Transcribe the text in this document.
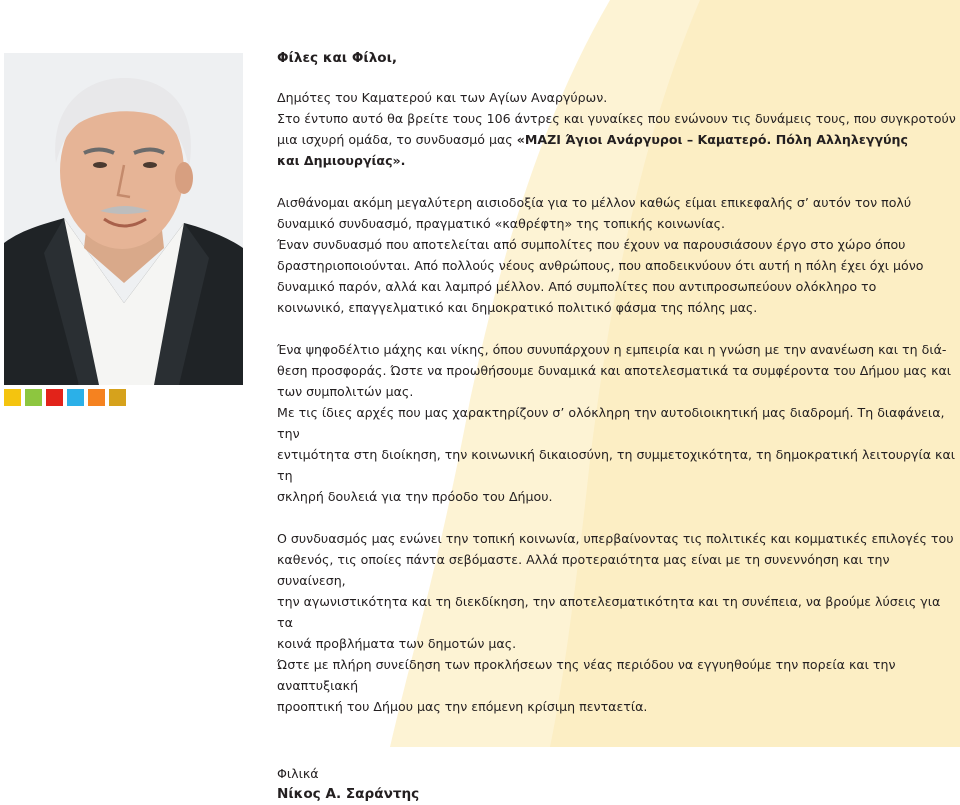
Φίλες και Φίλοι,

Δημότες του Καματερού και των Αγίων Αναργύρων.
Στο έντυπο αυτό θα βρείτε τους 106 άντρες και γυναίκες που ενώνουν τις δυνάμεις τους, που συγκροτούν
μια ισχυρή ομάδα, το συνδυασμό μας «ΜΑΖΙ Άγιοι Ανάργυροι – Καματερό. Πόλη Αλληλεγγύης
και Δημιουργίας».

Αισθάνομαι ακόμη μεγαλύτερη αισιοδοξία για το μέλλον καθώς είμαι επικεφαλής σ’ αυτόν τον πολύ
δυναμικό συνδυασμό, πραγματικό «καθρέφτη» της τοπικής κοινωνίας.

Έναν συνδυασμό που αποτελείται από συμπολίτες που έχουν να παρουσιάσουν έργο στο χώρο όπου
δραστηριοποιούνται. Από πολλούς νέους ανθρώπους, που αποδεικνύουν ότι αυτή η πόλη έχει όχι μόνο
δυναμικό παρόν, αλλά και λαμπρό μέλλον. Από συμπολίτες που αντιπροσωπεύουν ολόκληρο το
κοινωνικό, επαγγελματικό και δημοκρατικό πολιτικό φάσμα της πόλης μας.

Ένα ψηφοδέλτιο μάχης και νίκης, όπου συνυπάρχουν η εμπειρία και η γνώση με την ανανέωση και τη διά-
θεση προσφοράς. Ώστε να προωθήσουμε δυναμικά και αποτελεσματικά τα συμφέροντα του Δήμου μας και
των συμπολιτών μας.

Με τις ίδιες αρχές που μας χαρακτηρίζουν σ’ ολόκληρη την αυτοδιοικητική μας διαδρομή. Τη διαφάνεια, την
εντιμότητα στη διοίκηση, την κοινωνική δικαιοσύνη, τη συμμετοχικότητα, τη δημοκρατική λειτουργία και τη
σκληρή δουλειά για την πρόοδο του Δήμου.

Ο συνδυασμός μας ενώνει την τοπική κοινωνία, υπερβαίνοντας τις πολιτικές και κομματικές επιλογές του
καθενός, τις οποίες πάντα σεβόμαστε. Αλλά προτεραιότητα μας είναι με τη συνεννόηση και την συναίνεση,
την αγωνιστικότητα και τη διεκδίκηση, την αποτελεσματικότητα και τη συνέπεια, να βρούμε λύσεις για τα
κοινά προβλήματα των δημοτών μας.

Ώστε με πλήρη συνείδηση των προκλήσεων της νέας περιόδου να εγγυηθούμε την πορεία και την αναπτυξιακή
προοπτική του Δήμου μας την επόμενη κρίσιμη πενταετία.

Φιλικά

Νίκος Α. Σαράντης
